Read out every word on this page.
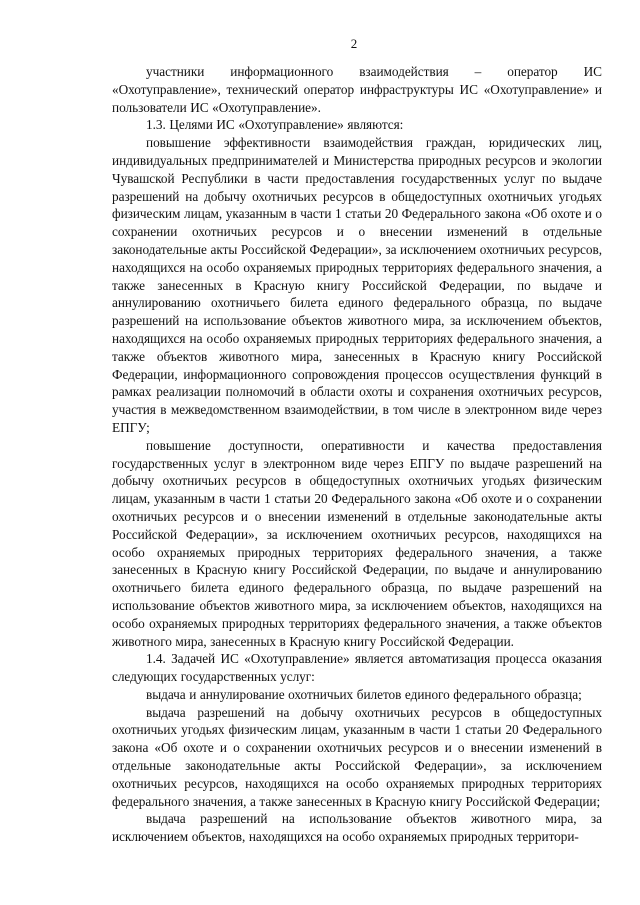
2

участники информационного взаимодействия – оператор ИС «Охотуправление», технический оператор инфраструктуры ИС «Охотуправление» и пользователи ИС «Охотуправление».

1.3. Целями ИС «Охотуправление» являются:

повышение эффективности взаимодействия граждан, юридических лиц, индивидуальных предпринимателей и Министерства природных ресурсов и экологии Чувашской Республики в части предоставления государственных услуг по выдаче разрешений на добычу охотничьих ресурсов в общедоступных охотничьих угодьях физическим лицам, указанным в части 1 статьи 20 Федерального закона «Об охоте и о сохранении охотничьих ресурсов и о внесении изменений в отдельные законодательные акты Российской Федерации», за исключением охотничьих ресурсов, находящихся на особо охраняемых природных территориях федерального значения, а также занесенных в Красную книгу Российской Федерации, по выдаче и аннулированию охотничьего билета единого федерального образца, по выдаче разрешений на использование объектов животного мира, за исключением объектов, находящихся на особо охраняемых природных территориях федерального значения, а также объектов животного мира, занесенных в Красную книгу Российской Федерации, информационного сопровождения процессов осуществления функций в рамках реализации полномочий в области охоты и сохранения охотничьих ресурсов, участия в межведомственном взаимодействии, в том числе в электронном виде через ЕПГУ;

повышение доступности, оперативности и качества предоставления государственных услуг в электронном виде через ЕПГУ по выдаче разрешений на добычу охотничьих ресурсов в общедоступных охотничьих угодьях физическим лицам, указанным в части 1 статьи 20 Федерального закона «Об охоте и о сохранении охотничьих ресурсов и о внесении изменений в отдельные законодательные акты Российской Федерации», за исключением охотничьих ресурсов, находящихся на особо охраняемых природных территориях федерального значения, а также занесенных в Красную книгу Российской Федерации, по выдаче и аннулированию охотничьего билета единого федерального образца, по выдаче разрешений на использование объектов животного мира, за исключением объектов, находящихся на особо охраняемых природных территориях федерального значения, а также объектов животного мира, занесенных в Красную книгу Российской Федерации.

1.4. Задачей ИС «Охотуправление» является автоматизация процесса оказания следующих государственных услуг:

выдача и аннулирование охотничьих билетов единого федерального образца;

выдача разрешений на добычу охотничьих ресурсов в общедоступных охотничьих угодьях физическим лицам, указанным в части 1 статьи 20 Федерального закона «Об охоте и о сохранении охотничьих ресурсов и о внесении изменений в отдельные законодательные акты Российской Федерации», за исключением охотничьих ресурсов, находящихся на особо охраняемых природных территориях федерального значения, а также занесенных в Красную книгу Российской Федерации;

выдача разрешений на использование объектов животного мира, за исключением объектов, находящихся на особо охраняемых природных территори-
